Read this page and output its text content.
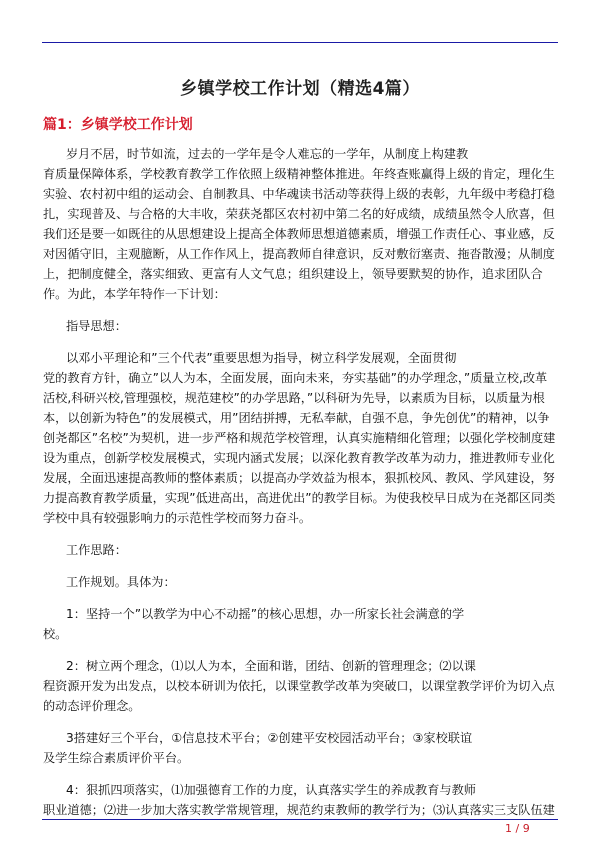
乡镇学校工作计划（精选4篇）
篇1：乡镇学校工作计划

岁月不居，时节如流，过去的一学年是令人难忘的一学年，从制度上构建教
育质量保障体系，学校教育教学工作依照上级精神整体推进。年终查账赢得上级的肯定，理化生实验、农村初中组的运动会、自制教具、中华魂读书活动等获得上级的表彰，九年级中考稳打稳扎，实现普及、与合格的大丰收，荣获尧都区农村初中第二名的好成绩，成绩虽然令人欣喜，但我们还是要一如既往的从思想建设上提高全体教师思想道德素质，增强工作责任心、事业感，反对因循守旧，主观臆断，从工作作风上，提高教师自律意识，反对敷衍塞责、拖沓散漫；从制度上，把制度健全，落实细致、更富有人文气息；组织建设上，领导要默契的协作，追求团队合作。为此，本学年特作一下计划：

指导思想：

以邓小平理论和”三个代表”重要思想为指导，树立科学发展观，全面贯彻
党的教育方针，确立”以人为本，全面发展，面向未来，夯实基础”的办学理念，”质量立校,改革活校,科研兴校,管理强校，规范建校”的办学思路，”以科研为先导，以素质为目标，以质量为根本，以创新为特色”的发展模式，用”团结拼搏，无私奉献，自强不息，争先创优”的精神，以争创尧都区”名校”为契机，进一步严格和规范学校管理，认真实施精细化管理；以强化学校制度建设为重点，创新学校发展模式，实现内涵式发展；以深化教育教学改革为动力，推进教师专业化发展，全面迅速提高教师的整体素质；以提高办学效益为根本，狠抓校风、教风、学风建设，努力提高教育教学质量，实现”低进高出，高进优出”的教学目标。为使我校早日成为在尧都区同类学校中具有较强影响力的示范性学校而努力奋斗。

工作思路：

工作规划。具体为：

1：坚持一个”以教学为中心不动摇”的核心思想，办一所家长社会满意的学
校。

2：树立两个理念，⑴以人为本，全面和谐，团结、创新的管理理念；⑵以课
程资源开发为出发点，以校本研训为依托，以课堂教学改革为突破口，以课堂教学评价为切入点的动态评价理念。

3搭建好三个平台，①信息技术平台；②创建平安校园活动平台；③家校联谊
及学生综合素质评价平台。

4：狠抓四项落实，⑴加强德育工作的力度，认真落实学生的养成教育与教师
职业道德；⑵进一步加大落实教学常规管理，规范约束教师的教学行为；⑶认真落实三支队伍建

1 / 9
